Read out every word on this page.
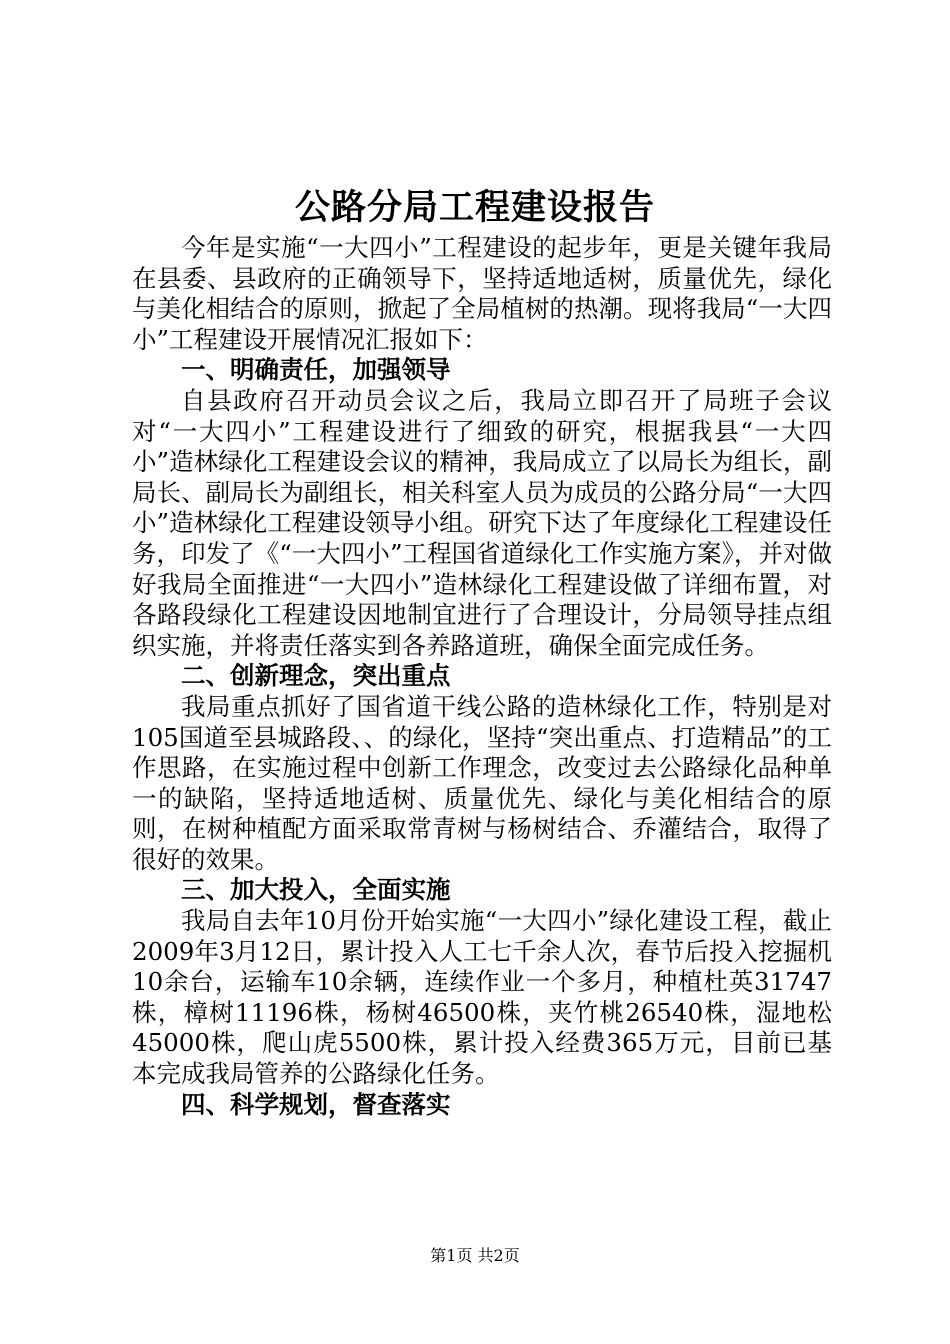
公路分局工程建设报告

今年是实施“一大四小”工程建设的起步年，更是关键年我局在县委、县政府的正确领导下，坚持适地适树，质量优先，绿化与美化相结合的原则，掀起了全局植树的热潮。现将我局“一大四小”工程建设开展情况汇报如下：

一、明确责任，加强领导

自县政府召开动员会议之后，我局立即召开了局班子会议对“一大四小”工程建设进行了细致的研究，根据我县“一大四小”造林绿化工程建设会议的精神，我局成立了以局长为组长，副局长、副局长为副组长，相关科室人员为成员的公路分局“一大四小”造林绿化工程建设领导小组。研究下达了年度绿化工程建设任务，印发了《“一大四小”工程国省道绿化工作实施方案》，并对做好我局全面推进“一大四小”造林绿化工程建设做了详细布置，对各路段绿化工程建设因地制宜进行了合理设计，分局领导挂点组织实施，并将责任落实到各养路道班，确保全面完成任务。

二、创新理念，突出重点

我局重点抓好了国省道干线公路的造林绿化工作，特别是对105国道至县城路段、、的绿化，坚持“突出重点、打造精品”的工作思路，在实施过程中创新工作理念，改变过去公路绿化品种单一的缺陷，坚持适地适树、质量优先、绿化与美化相结合的原则，在树种植配方面采取常青树与杨树结合、乔灌结合，取得了很好的效果。

三、加大投入，全面实施

我局自去年10月份开始实施“一大四小”绿化建设工程，截止2009年3月12日，累计投入人工七千余人次，春节后投入挖掘机10余台，运输车10余辆，连续作业一个多月，种植杜英31747株，樟树11196株，杨树46500株，夹竹桃26540株，湿地松45000株，爬山虎5500株，累计投入经费365万元，目前已基本完成我局管养的公路绿化任务。

四、科学规划，督查落实
第1页 共2页
